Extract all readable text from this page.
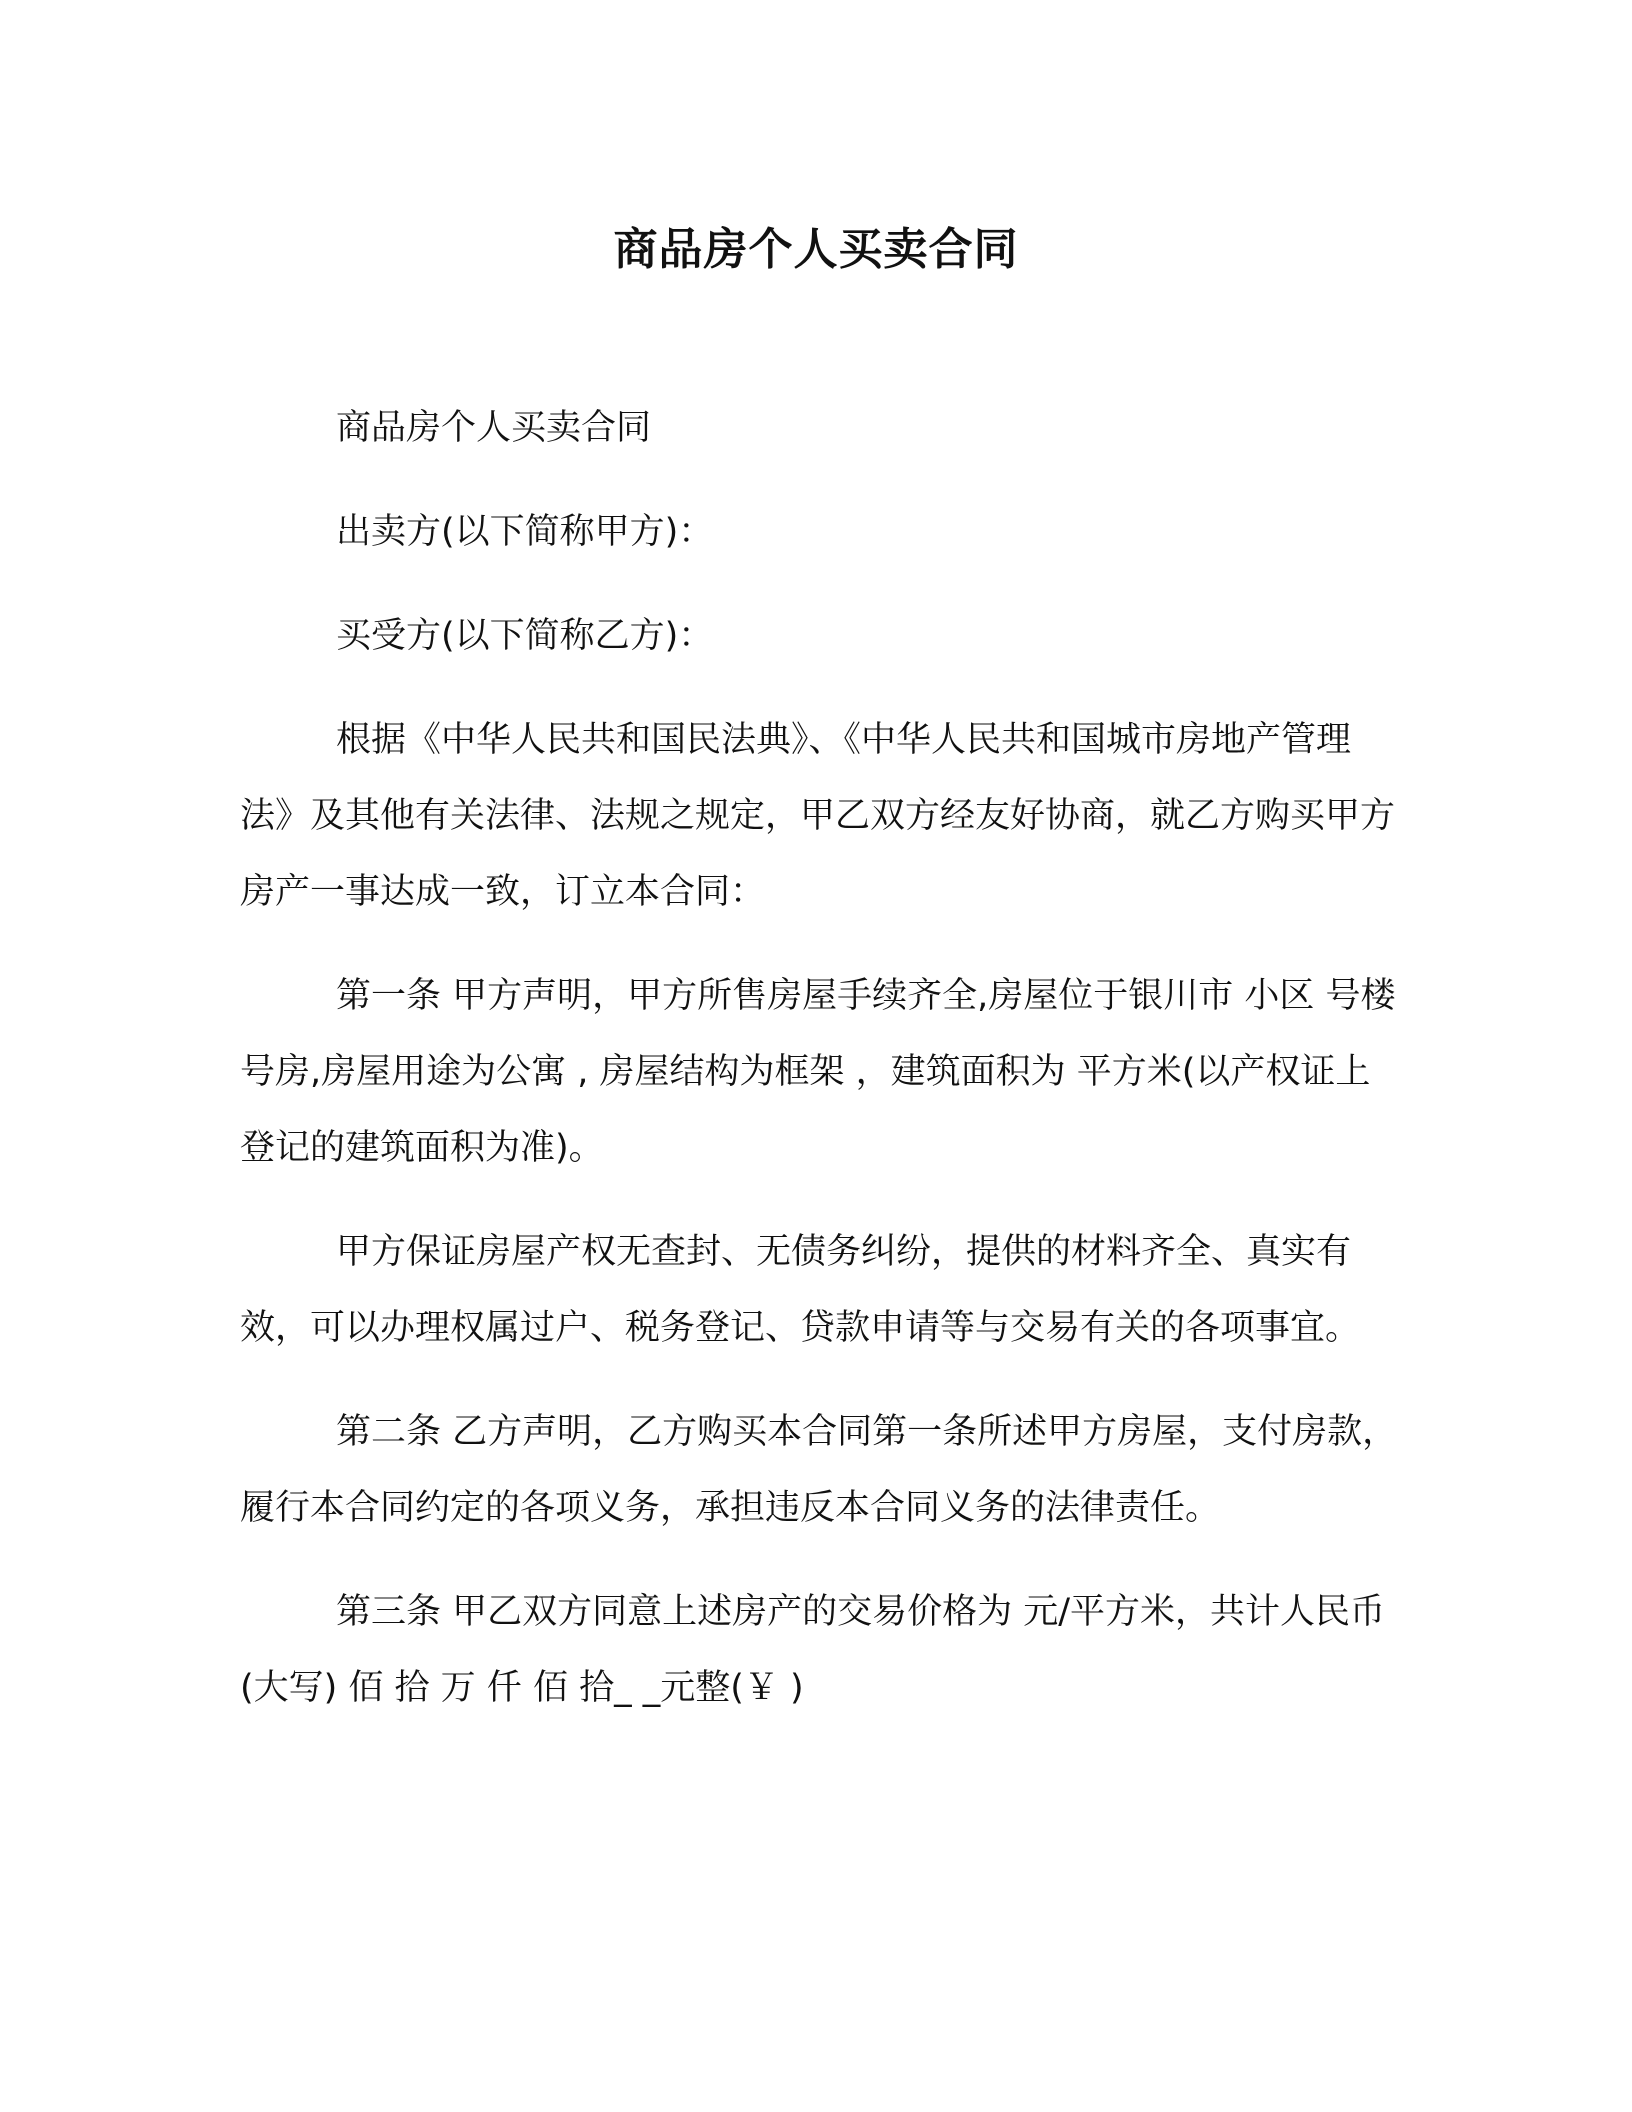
商品房个人买卖合同

商品房个人买卖合同

出卖方(以下简称甲方)：

买受方(以下简称乙方)：

根据《中华人民共和国民法典》、《中华人民共和国城市房地产管理法》及其他有关法律、法规之规定，甲乙双方经友好协商，就乙方购买甲方房产一事达成一致，订立本合同：

第一条 甲方声明，甲方所售房屋手续齐全,房屋位于银川市 小区 号楼 号房,房屋用途为公寓 , 房屋结构为框架 ，建筑面积为 平方米(以产权证上登记的建筑面积为准)。

甲方保证房屋产权无查封、无债务纠纷，提供的材料齐全、真实有效，可以办理权属过户、税务登记、贷款申请等与交易有关的各项事宜。

第二条 乙方声明，乙方购买本合同第一条所述甲方房屋，支付房款，履行本合同约定的各项义务，承担违反本合同义务的法律责任。

第三条 甲乙双方同意上述房产的交易价格为 元/平方米，共计人民币(大写) 佰 拾 万 仟 佰 拾_ _元整(￥ )
